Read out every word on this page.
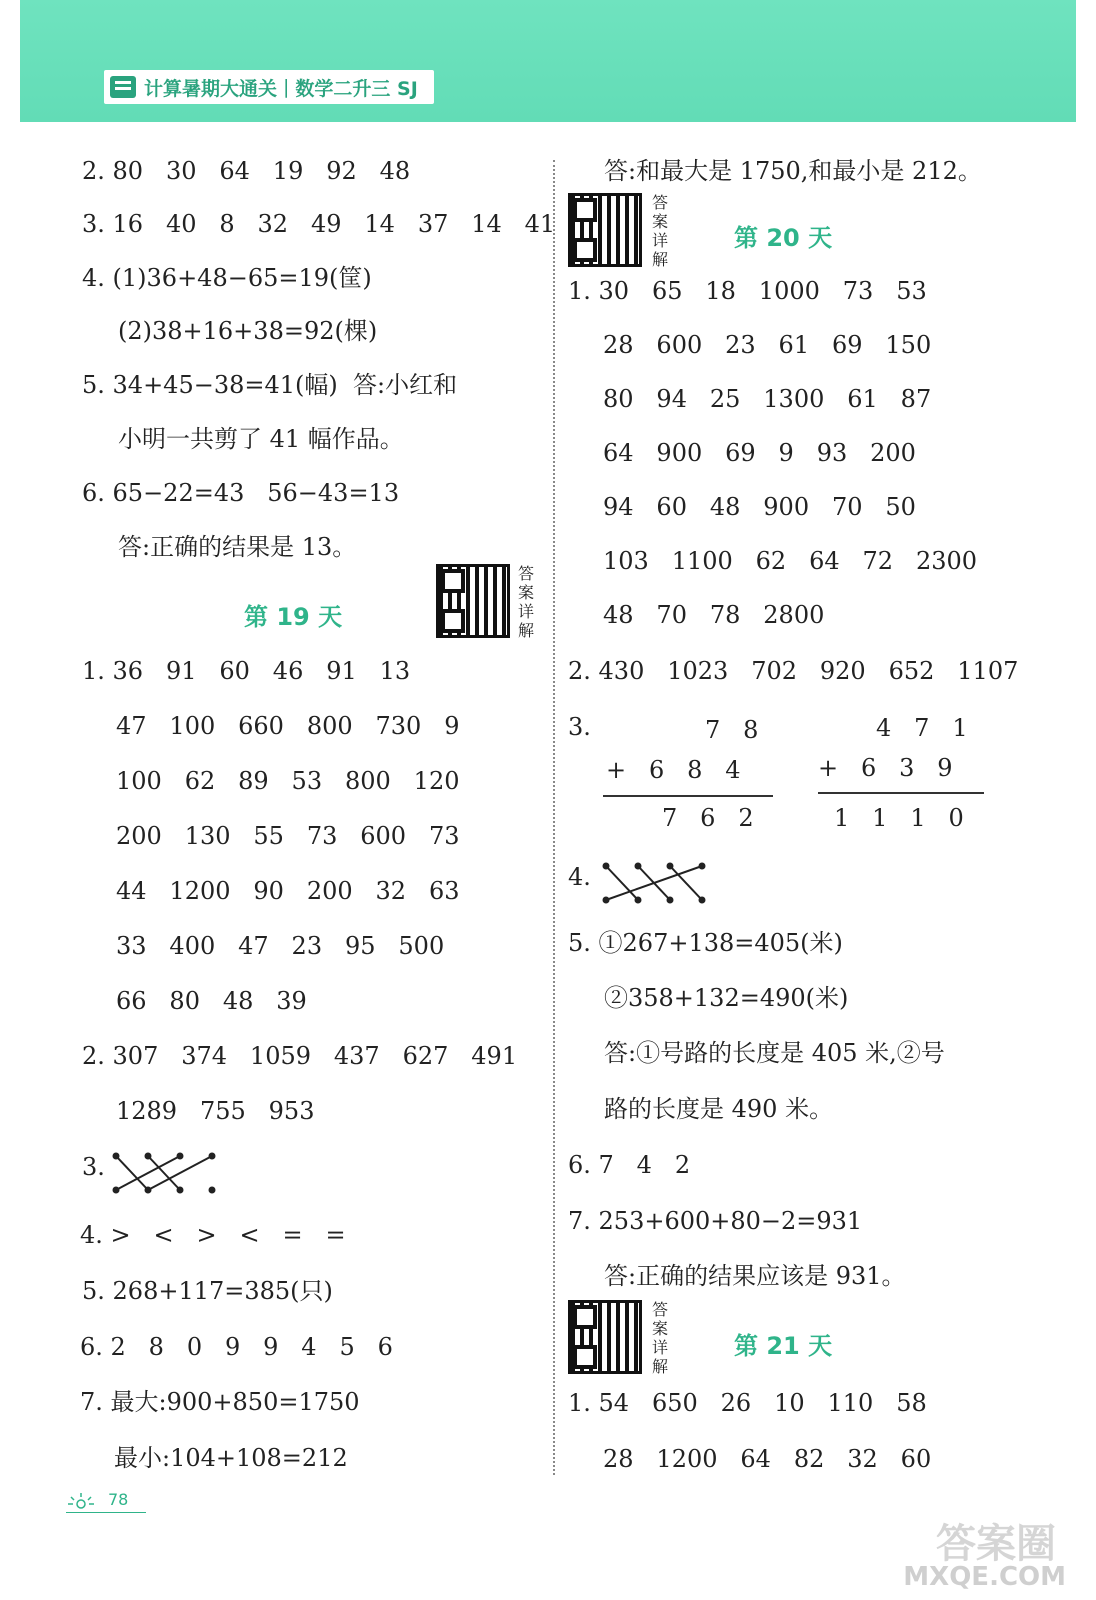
计算暑期大通关 | 数学二升三 SJ
2. 80   30   64   19   92   48
3. 16   40   8   32   49   14   37   14   41
4. (1)36+48−65=19(筐)
(2)38+16+38=92(棵)
5. 34+45−38=41(幅)  答:小红和
小明一共剪了 41 幅作品。
6. 65−22=43   56−43=13
答:正确的结果是 13。
第 19 天
答案详解
1. 36   91   60   46   91   13
47   100   660   800   730   9
100   62   89   53   800   120
200   130   55   73   600   73
44   1200   90   200   32   63
33   400   47   23   95   500
66   80   48   39
2. 307   374   1059   437   627   491
1289   755   953
3.
4. >   <   >   <   =   =
5. 268+117=385(只)
6. 2   8   0   9   9   4   5   6
7. 最大:900+850=1750
最小:104+108=212
答:和最大是 1750,和最小是 212。
答案详解
第 20 天
1. 30   65   18   1000   73   53
28   600   23   61   69   150
80   94   25   1300   61   87
64   900   69   9   93   200
94   60   48   900   70   50
103   1100   62   64   72   2300
48   70   78   2800
2. 430   1023   702   920   652   1107
3.	7   8
+   6   8   4
7   6   2
4   7   1
+   6   3   9
1   1   1   0
4.
5. ①267+138=405(米)
②358+132=490(米)
答:①号路的长度是 405 米,②号
路的长度是 490 米。
6. 7   4   2
7. 253+600+80−2=931
答:正确的结果应该是 931。
答案详解
第 21 天
1. 54   650   26   10   110   58
28   1200   64   82   32   60
78
答案圈
MXQE.COM
